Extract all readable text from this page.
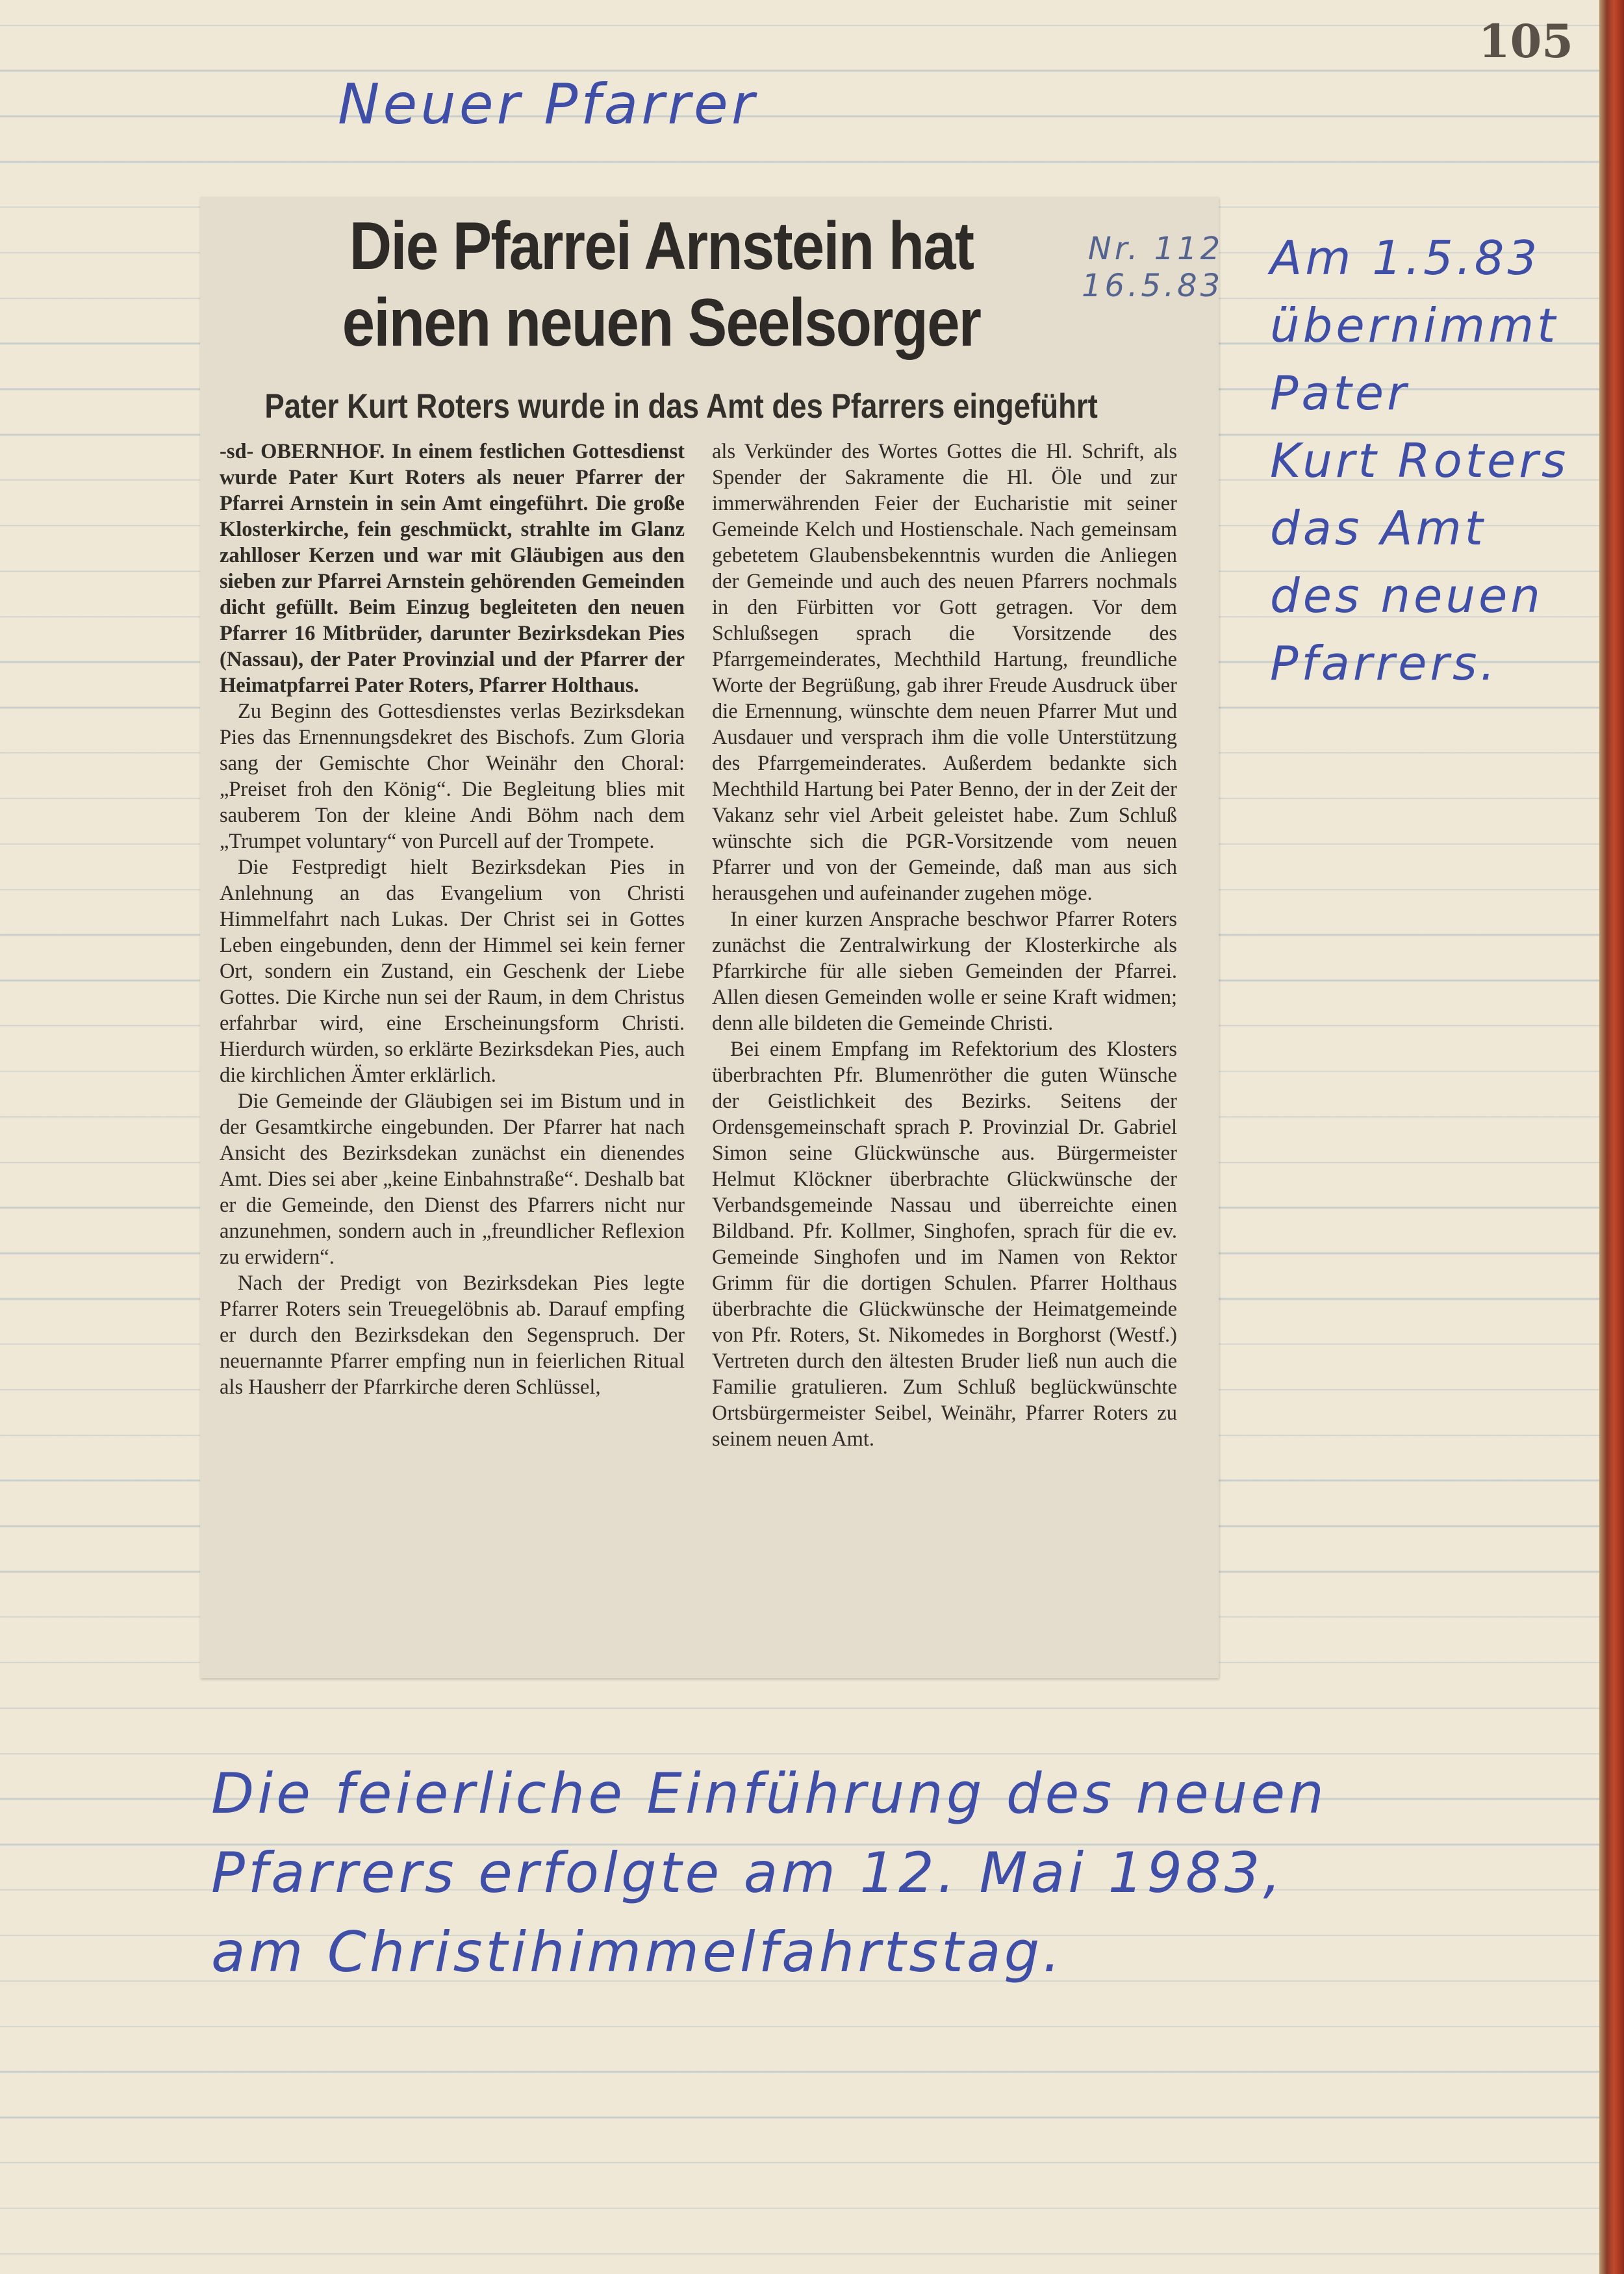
105
Neuer Pfarrer
Die Pfarrei Arnstein hat
einen neuen Seelsorger
Pater Kurt Roters wurde in das Amt des Pfarrers eingeführt

-sd- OBERNHOF. In einem festlichen Gottesdienst wurde Pater Kurt Roters als neuer Pfarrer der Pfarrei Arnstein in sein Amt eingeführt. Die große Klosterkirche, fein geschmückt, strahlte im Glanz zahlloser Kerzen und war mit Gläubigen aus den sieben zur Pfarrei Arnstein gehörenden Gemeinden dicht gefüllt. Beim Einzug begleiteten den neuen Pfarrer 16 Mitbrüder, darunter Bezirksdekan Pies (Nassau), der Pater Provinzial und der Pfarrer der Heimatpfarrei Pater Roters, Pfarrer Holthaus.

Zu Beginn des Gottesdienstes verlas Bezirksdekan Pies das Ernennungsdekret des Bischofs. Zum Gloria sang der Gemischte Chor Weinähr den Choral: „Preiset froh den König“. Die Begleitung blies mit sauberem Ton der kleine Andi Böhm nach dem „Trumpet voluntary“ von Purcell auf der Trompete.

Die Festpredigt hielt Bezirksdekan Pies in Anlehnung an das Evangelium von Christi Himmelfahrt nach Lukas. Der Christ sei in Gottes Leben eingebunden, denn der Himmel sei kein ferner Ort, sondern ein Zustand, ein Geschenk der Liebe Gottes. Die Kirche nun sei der Raum, in dem Christus erfahrbar wird, eine Erscheinungsform Christi. Hierdurch würden, so erklärte Bezirksdekan Pies, auch die kirchlichen Ämter erklärlich.

Die Gemeinde der Gläubigen sei im Bistum und in der Gesamtkirche eingebunden. Der Pfarrer hat nach Ansicht des Bezirksdekan zunächst ein dienendes Amt. Dies sei aber „keine Einbahnstraße“. Deshalb bat er die Gemeinde, den Dienst des Pfarrers nicht nur anzunehmen, sondern auch in „freundlicher Reflexion zu erwidern“.

Nach der Predigt von Bezirksdekan Pies legte Pfarrer Roters sein Treuegelöbnis ab. Darauf empfing er durch den Bezirksdekan den Segenspruch. Der neuernannte Pfarrer empfing nun in feierlichen Ritual als Hausherr der Pfarrkirche deren Schlüssel,

als Verkünder des Wortes Gottes die Hl. Schrift, als Spender der Sakramente die Hl. Öle und zur immerwährenden Feier der Eucharistie mit seiner Gemeinde Kelch und Hostienschale. Nach gemeinsam gebetetem Glaubensbekenntnis wurden die Anliegen der Gemeinde und auch des neuen Pfarrers nochmals in den Fürbitten vor Gott getragen. Vor dem Schlußsegen sprach die Vorsitzende des Pfarrgemeinderates, Mechthild Hartung, freundliche Worte der Begrüßung, gab ihrer Freude Ausdruck über die Ernennung, wünschte dem neuen Pfarrer Mut und Ausdauer und versprach ihm die volle Unterstützung des Pfarrgemeinderates. Außerdem bedankte sich Mechthild Hartung bei Pater Benno, der in der Zeit der Vakanz sehr viel Arbeit geleistet habe. Zum Schluß wünschte sich die PGR-Vorsitzende vom neuen Pfarrer und von der Gemeinde, daß man aus sich herausgehen und aufeinander zugehen möge.

In einer kurzen Ansprache beschwor Pfarrer Roters zunächst die Zentralwirkung der Klosterkirche als Pfarrkirche für alle sieben Gemeinden der Pfarrei. Allen diesen Gemeinden wolle er seine Kraft widmen; denn alle bildeten die Gemeinde Christi.

Bei einem Empfang im Refektorium des Klosters überbrachten Pfr. Blumenröther die guten Wünsche der Geistlichkeit des Bezirks. Seitens der Ordensgemeinschaft sprach P. Provinzial Dr. Gabriel Simon seine Glückwünsche aus. Bürgermeister Helmut Klöckner überbrachte Glückwünsche der Verbandsgemeinde Nassau und überreichte einen Bildband. Pfr. Kollmer, Singhofen, sprach für die ev. Gemeinde Singhofen und im Namen von Rektor Grimm für die dortigen Schulen. Pfarrer Holthaus überbrachte die Glückwünsche der Heimatgemeinde von Pfr. Roters, St. Nikomedes in Borghorst (Westf.) Vertreten durch den ältesten Bruder ließ nun auch die Familie gratulieren. Zum Schluß beglückwünschte Ortsbürgermeister Seibel, Weinähr, Pfarrer Roters zu seinem neuen Amt.

Nr. 112
16.5.83
Am 1.5.83
übernimmt
Pater
Kurt Roters
das Amt
des neuen
Pfarrers.
Die feierliche Einführung des neuen
Pfarrers erfolgte am 12. Mai 1983,
am Christihimmelfahrtstag.
